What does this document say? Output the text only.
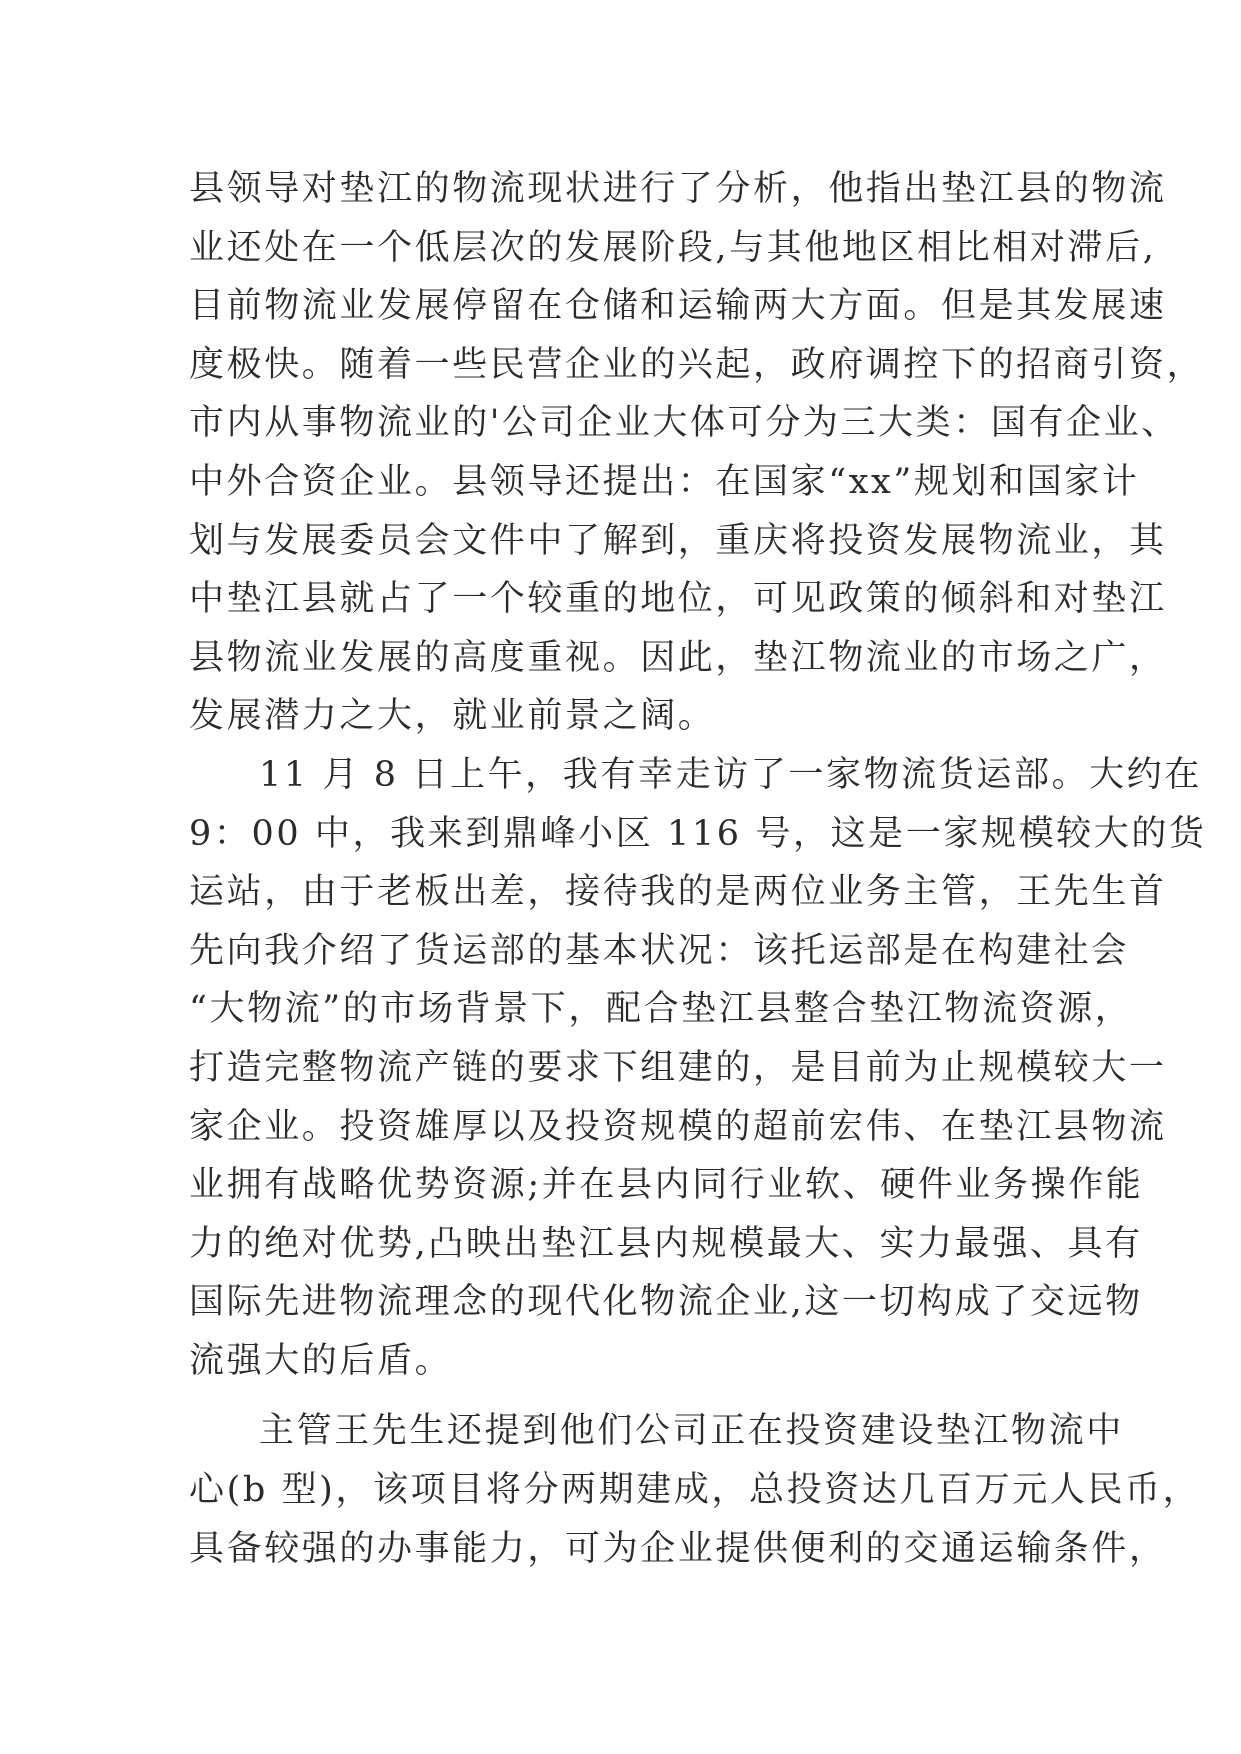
县领导对垫江的物流现状进行了分析，他指出垫江县的物流
业还处在一个低层次的发展阶段,与其他地区相比相对滞后,
目前物流业发展停留在仓储和运输两大方面。但是其发展速
度极快。随着一些民营企业的兴起，政府调控下的招商引资，
市内从事物流业的'公司企业大体可分为三大类：国有企业、
中外合资企业。县领导还提出：在国家“xx”规划和国家计
划与发展委员会文件中了解到，重庆将投资发展物流业，其
中垫江县就占了一个较重的地位，可见政策的倾斜和对垫江
县物流业发展的高度重视。因此，垫江物流业的市场之广，
发展潜力之大，就业前景之阔。
11 月 8 日上午，我有幸走访了一家物流货运部。大约在
9：00 中，我来到鼎峰小区 116 号，这是一家规模较大的货
运站，由于老板出差，接待我的是两位业务主管，王先生首
先向我介绍了货运部的基本状况：该托运部是在构建社会
“大物流”的市场背景下，配合垫江县整合垫江物流资源，
打造完整物流产链的要求下组建的，是目前为止规模较大一
家企业。投资雄厚以及投资规模的超前宏伟、在垫江县物流
业拥有战略优势资源;并在县内同行业软、硬件业务操作能
力的绝对优势,凸映出垫江县内规模最大、实力最强、具有
国际先进物流理念的现代化物流企业,这一切构成了交远物
流强大的后盾。
主管王先生还提到他们公司正在投资建设垫江物流中
心(b 型)，该项目将分两期建成，总投资达几百万元人民币，
具备较强的办事能力，可为企业提供便利的交通运输条件，
